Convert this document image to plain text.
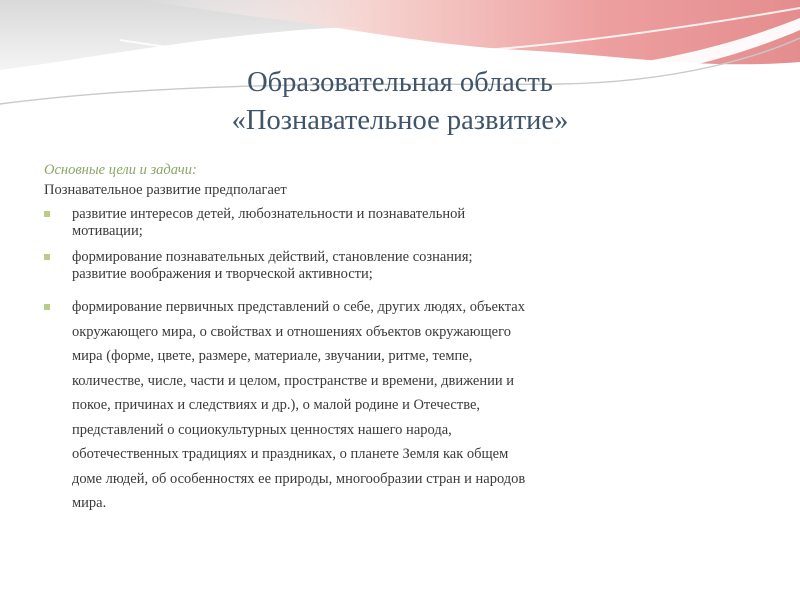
Образовательная область
«Познавательное развитие»
Основные цели и задачи:
Познавательное развитие предполагает
развитие интересов детей, любознательности и познавательной
мотивации;
формирование познавательных действий, становление сознания;
развитие воображения и творческой активности;
формирование первичных представлений о себе, других людях, объектах
окружающего мира, о свойствах и отношениях объектов окружающего
мира (форме, цвете, размере, материале, звучании, ритме, темпе,
количестве, числе, части и целом, пространстве и времени, движении и
покое, причинах и следствиях и др.), о малой родине и Отечестве,
представлений о социокультурных ценностях нашего народа,
оботечественных традициях и праздниках, о планете Земля как общем
доме людей, об особенностях ее природы, многообразии стран и народов
мира.
